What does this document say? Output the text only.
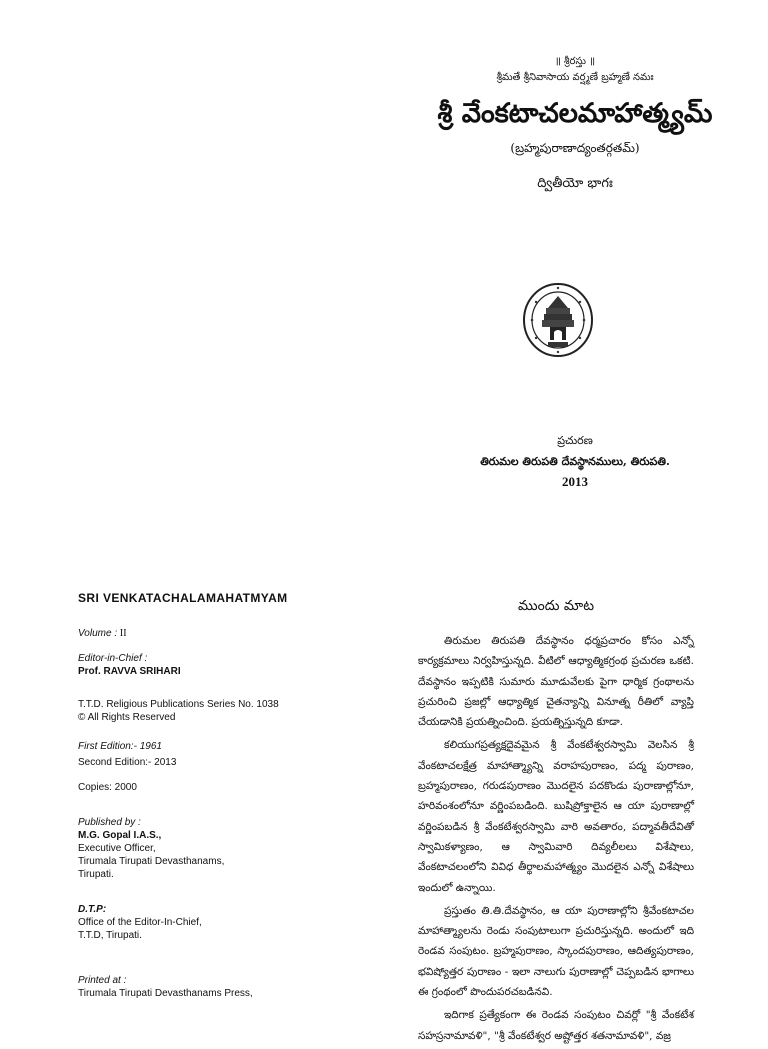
॥ శ్రీరస్తు ॥
శ్రీమతే శ్రీనివాసాయ వర్ష్మణే బ్రహ్మణే నమః
శ్రీ వేంకటాచలమాహాత్మ్యమ్
(బ్రహ్మపురాణాద్యంతర్గతమ్)
ద్వితీయో భాగః
ప్రచురణ
తిరుమల తిరుపతి దేవస్థానములు, తిరుపతి.
2013
SRI VENKATACHALAMAHATMYAM
Volume : II
Editor-in-Chief :
Prof. RAVVA SRIHARI
T.T.D. Religious Publications Series No. 1038
© All Rights Reserved
First Edition:- 1961
Second Edition:- 2013
Copies: 2000
Published by :
M.G. Gopal I.A.S.,
Executive Officer,
Tirumala Tirupati Devasthanams,
Tirupati.
D.T.P:
Office of the Editor-In-Chief,
T.T.D, Tirupati.
Printed at :
Tirumala Tirupati Devasthanams Press,
ముందు మాట

తిరుమల తిరుపతి దేవస్థానం ధర్మప్రచారం కోసం ఎన్నో కార్యక్రమాలు నిర్వహిస్తున్నది. వీటిలో ఆధ్యాత్మికగ్రంథ ప్రచురణ ఒకటి. దేవస్థానం ఇప్పటికి సుమారు మూడువేలకు పైగా ధార్మిక గ్రంథాలను ప్రచురించి ప్రజల్లో ఆధ్యాత్మిక చైతన్యాన్ని వినూత్న రీతిలో వ్యాప్తి చేయడానికి ప్రయత్నించింది. ప్రయత్నిస్తున్నది కూడా.

కలియుగప్రత్యక్షదైవమైన శ్రీ వేంకటేశ్వరస్వామి వెలసిన శ్రీ వేంకటాచలక్షేత్ర మాహాత్మ్యాన్ని వరాహపురాణం, పద్మ పురాణం, బ్రహ్మపురాణం, గరుడపురాణం మొదలైన పదకొండు పురాణాల్లోనూ, హరివంశంలోనూ వర్ణింపబడింది. బుషిప్రోక్తాలైన ఆ యా పురాణాల్లో వర్ణింపబడిన శ్రీ వేంకటేశ్వరస్వామి వారి అవతారం, పద్మావతీదేవితో స్వామికళ్యాణం, ఆ స్వామివారి దివ్యలీలలు విశేషాలు, వేంకటాచలంలోని వివిధ తీర్థాలమహాత్మ్యం మొదలైన ఎన్నో విశేషాలు ఇందులో ఉన్నాయి.

ప్రస్తుతం తి.తి.దేవస్థానం, ఆ యా పురాణాల్లోని శ్రీవేంకటాచల మాహాత్మ్యాలను రెండు సంపుటాలుగా ప్రచురిస్తున్నది. అందులో ఇది రెండవ సంపుటం. బ్రహ్మపురాణం, స్కాందపురాణం, ఆదిత్యపురాణం, భవిష్యోత్తర పురాణం - ఇలా నాలుగు పురాణాల్లో చెప్పబడిన భాగాలు ఈ గ్రంథంలో పొందుపరచబడినవి.

ఇదిగాక ప్రత్యేకంగా ఈ రెండవ సంపుటం చివర్లో "శ్రీ వేంకటేశ సహస్రనామావళి", "శ్రీ వేంకటేశ్వర అష్టోత్తర శతనామావళి", వజ్ర
